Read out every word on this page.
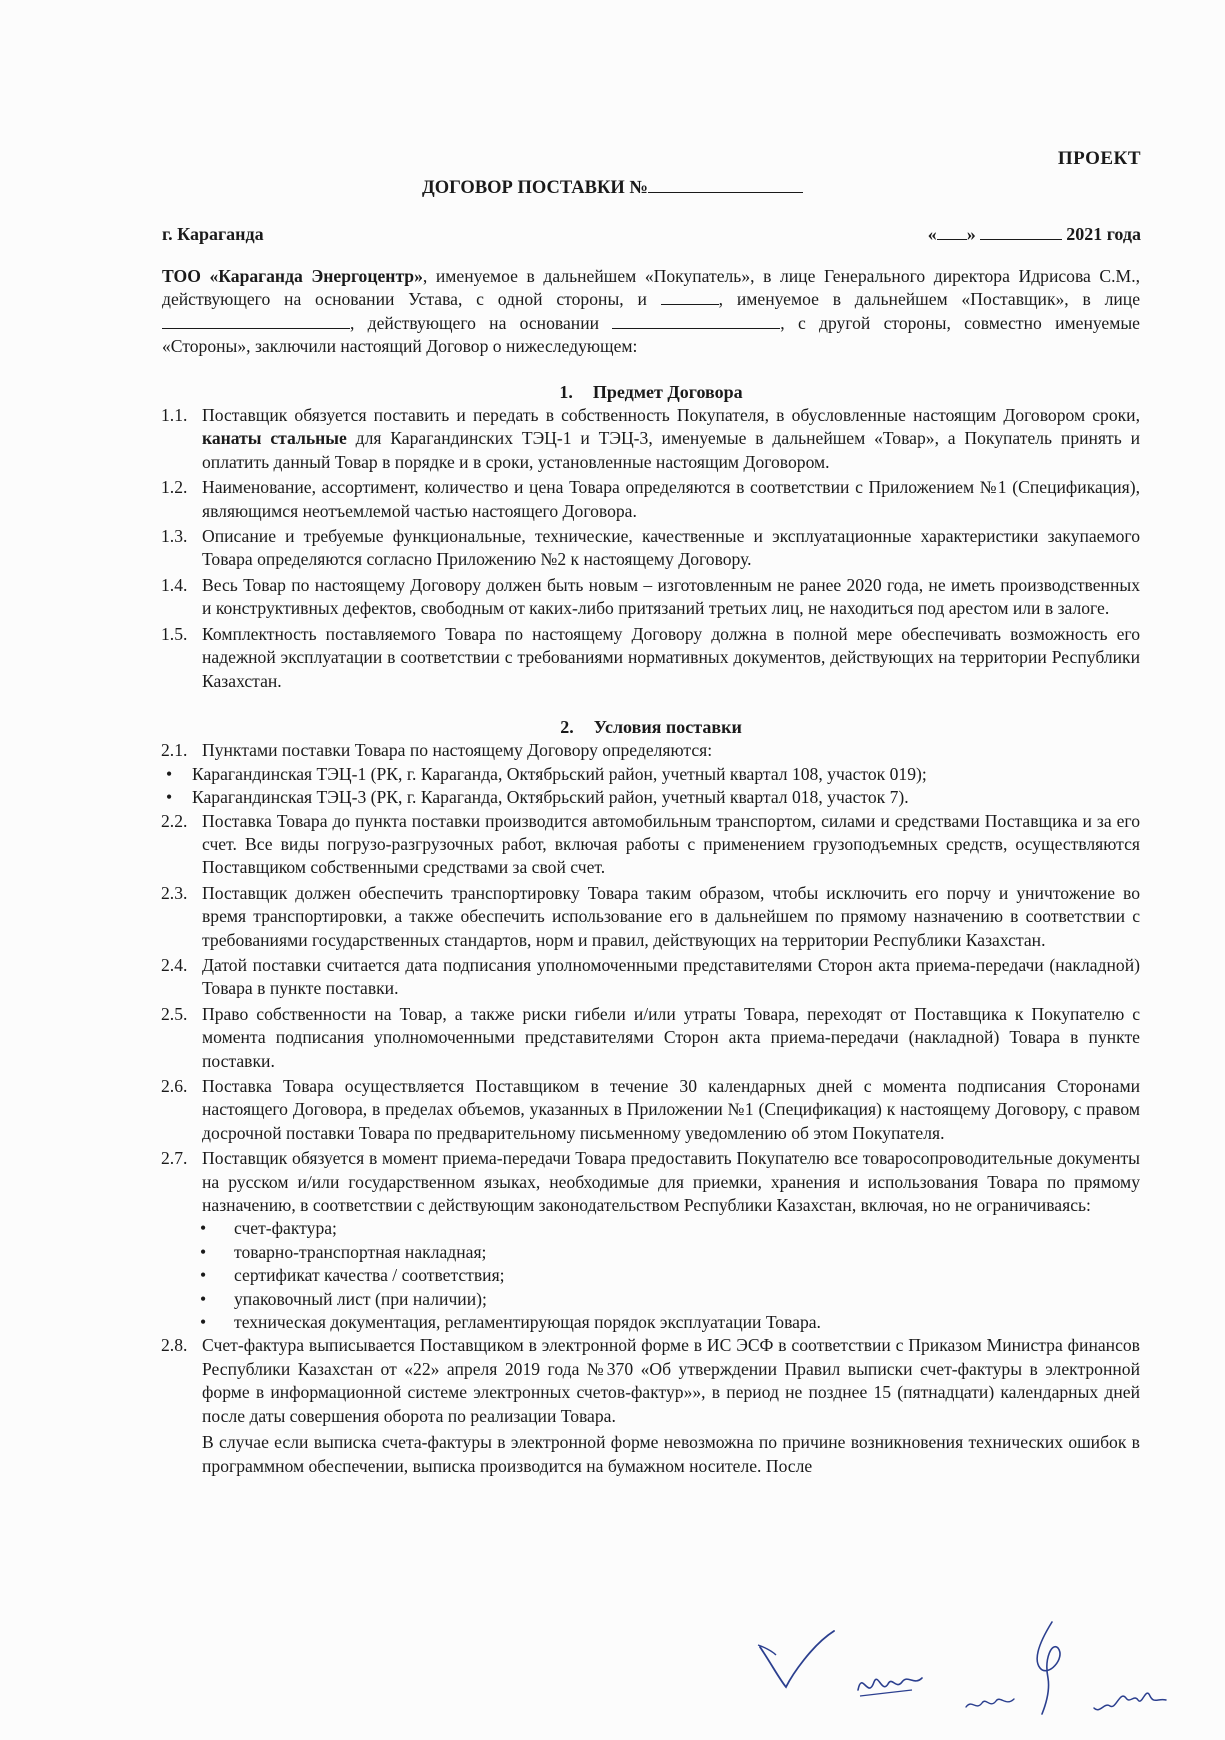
ПРОЕКТ
ДОГОВОР ПОСТАВКИ №
г. Караганда	« »	2021 года

ТОО «Караганда Энергоцентр», именуемое в дальнейшем «Покупатель», в лице Генерального директора Идрисова С.М., действующего на основании Устава, с одной стороны, и	, именуемое в дальнейшем «Поставщик», в лице , действующего на основании	, с другой стороны, совместно именуемые «Стороны», заключили настоящий Договор о нижеследующем:

1. Предмет Договора

1.1. Поставщик обязуется поставить и передать в собственность Покупателя, в обусловленные настоящим Договором сроки, канаты стальные для Карагандинских ТЭЦ-1 и ТЭЦ-3, именуемые в дальнейшем «Товар», а Покупатель принять и оплатить данный Товар в порядке и в сроки, установленные настоящим Договором.

1.2. Наименование, ассортимент, количество и цена Товара определяются в соответствии с Приложением №1 (Спецификация), являющимся неотъемлемой частью настоящего Договора.

1.3. Описание и требуемые функциональные, технические, качественные и эксплуатационные характеристики закупаемого Товара определяются согласно Приложению №2 к настоящему Договору.

1.4. Весь Товар по настоящему Договору должен быть новым – изготовленным не ранее 2020 года, не иметь производственных и конструктивных дефектов, свободным от каких-либо притязаний третьих лиц, не находиться под арестом или в залоге.

1.5. Комплектность поставляемого Товара по настоящему Договору должна в полной мере обеспечивать возможность его надежной эксплуатации в соответствии с требованиями нормативных документов, действующих на территории Республики Казахстан.

2. Условия поставки

2.1. Пунктами поставки Товара по настоящему Договору определяются:

• Карагандинская ТЭЦ-1 (РК, г. Караганда, Октябрьский район, учетный квартал 108, участок 019);

• Карагандинская ТЭЦ-3 (РК, г. Караганда, Октябрьский район, учетный квартал 018, участок 7).

2.2. Поставка Товара до пункта поставки производится автомобильным транспортом, силами и средствами Поставщика и за его счет. Все виды погрузо-разгрузочных работ, включая работы с применением грузоподъемных средств, осуществляются Поставщиком собственными средствами за свой счет.

2.3. Поставщик должен обеспечить транспортировку Товара таким образом, чтобы исключить его порчу и уничтожение во время транспортировки, а также обеспечить использование его в дальнейшем по прямому назначению в соответствии с требованиями государственных стандартов, норм и правил, действующих на территории Республики Казахстан.

2.4. Датой поставки считается дата подписания уполномоченными представителями Сторон акта приема-передачи (накладной) Товара в пункте поставки.

2.5. Право собственности на Товар, а также риски гибели и/или утраты Товара, переходят от Поставщика к Покупателю с момента подписания уполномоченными представителями Сторон акта приема-передачи (накладной) Товара в пункте поставки.

2.6. Поставка Товара осуществляется Поставщиком в течение 30 календарных дней с момента подписания Сторонами настоящего Договора, в пределах объемов, указанных в Приложении №1 (Спецификация) к настоящему Договору, с правом досрочной поставки Товара по предварительному письменному уведомлению об этом Покупателя.

2.7. Поставщик обязуется в момент приема-передачи Товара предоставить Покупателю все товаросопроводительные документы на русском и/или государственном языках, необходимые для приемки, хранения и использования Товара по прямому назначению, в соответствии с действующим законодательством Республики Казахстан, включая, но не ограничиваясь:

• счет-фактура;

• товарно-транспортная накладная;

• сертификат качества / соответствия;

• упаковочный лист (при наличии);

• техническая документация, регламентирующая порядок эксплуатации Товара.

2.8. Счет-фактура выписывается Поставщиком в электронной форме в ИС ЭСФ в соответствии с Приказом Министра финансов Республики Казахстан от «22» апреля 2019 года №370 «Об утверждении Правил выписки счет-фактуры в электронной форме в информационной системе электронных счетов-фактур»», в период не позднее 15 (пятнадцати) календарных дней после даты совершения оборота по реализации Товара.

В случае если выписка счета-фактуры в электронной форме невозможна по причине возникновения технических ошибок в программном обеспечении, выписка производится на бумажном носителе. После
